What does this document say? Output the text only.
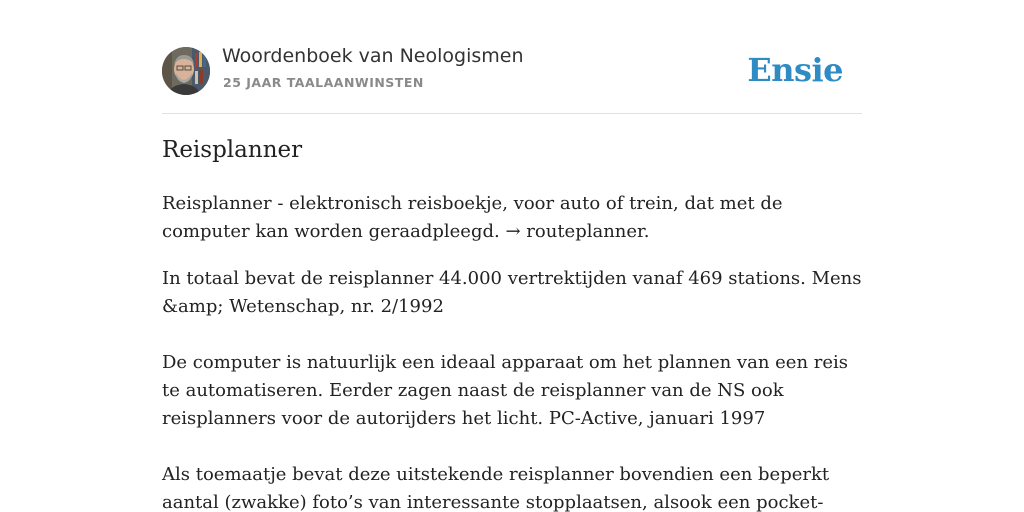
Woordenboek van Neologismen
25 JAAR TAALAANWINSTEN	Ensie
Reisplanner

Reisplanner - elektronisch reisboekje, voor auto of trein, dat met de computer kan worden geraadpleegd. → routeplanner.

In totaal bevat de reisplanner 44.000 vertrektijden vanaf 469 stations. Mens &amp; Wetenschap, nr. 2/1992

De computer is natuurlijk een ideaal apparaat om het plannen van een reis te automatiseren. Eerder zagen naast de reisplanner van de NS ook reisplanners voor de autorijders het licht. PC-Active, januari 1997

Als toemaatje bevat deze uitstekende reisplanner bovendien een beperkt aantal (zwakke) foto’s van interessante stopplaatsen, alsook een pocket-
